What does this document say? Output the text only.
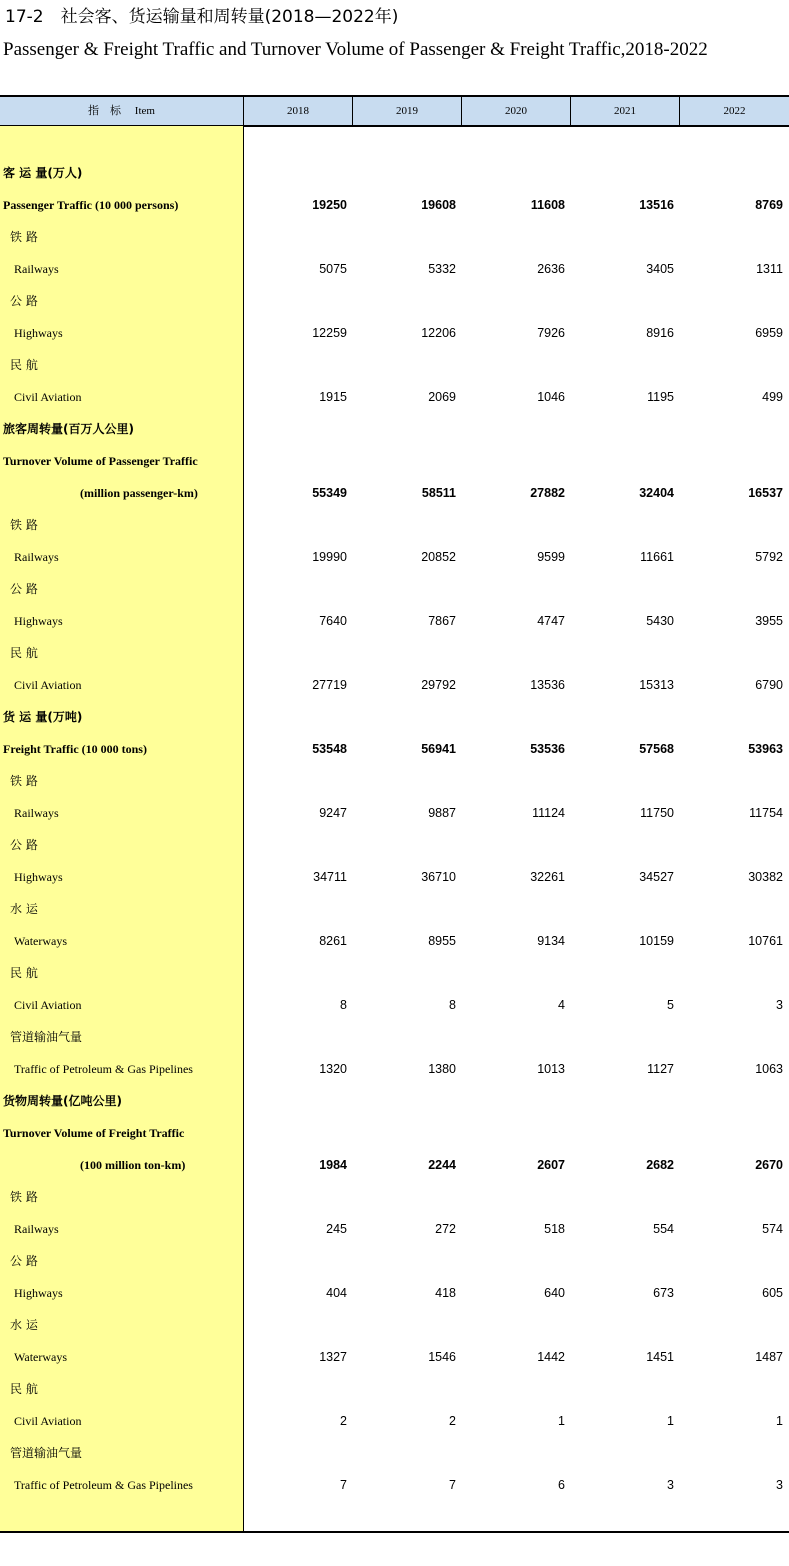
17-2　社会客、货运输量和周转量(2018—2022年)
Passenger & Freight Traffic and Turnover Volume of Passenger & Freight Traffic,2018-2022
指　标　 Item	2018	2019	2020	2021	2022
客 运 量(万人)
Passenger Traffic (10 000 persons)	19250	19608	11608	13516	8769
铁 路
Railways	5075	5332	2636	3405	1311
公 路
Highways	12259	12206	7926	8916	6959
民 航
Civil Aviation	1915	2069	1046	1195	499
旅客周转量(百万人公里)
Turnover Volume of Passenger Traffic
(million passenger-km)	55349	58511	27882	32404	16537
铁 路
Railways	19990	20852	9599	11661	5792
公 路
Highways	7640	7867	4747	5430	3955
民 航
Civil Aviation	27719	29792	13536	15313	6790
货 运 量(万吨)
Freight Traffic (10 000 tons)	53548	56941	53536	57568	53963
铁 路
Railways	9247	9887	11124	11750	11754
公 路
Highways	34711	36710	32261	34527	30382
水 运
Waterways	8261	8955	9134	10159	10761
民 航
Civil Aviation	8	8	4	5	3
管道输油气量
Traffic of Petroleum & Gas Pipelines	1320	1380	1013	1127	1063
货物周转量(亿吨公里)
Turnover Volume of Freight Traffic
(100 million ton-km)	1984	2244	2607	2682	2670
铁 路
Railways	245	272	518	554	574
公 路
Highways	404	418	640	673	605
水 运
Waterways	1327	1546	1442	1451	1487
民 航
Civil Aviation	2	2	1	1	1
管道输油气量
Traffic of Petroleum & Gas Pipelines	7	7	6	3	3
